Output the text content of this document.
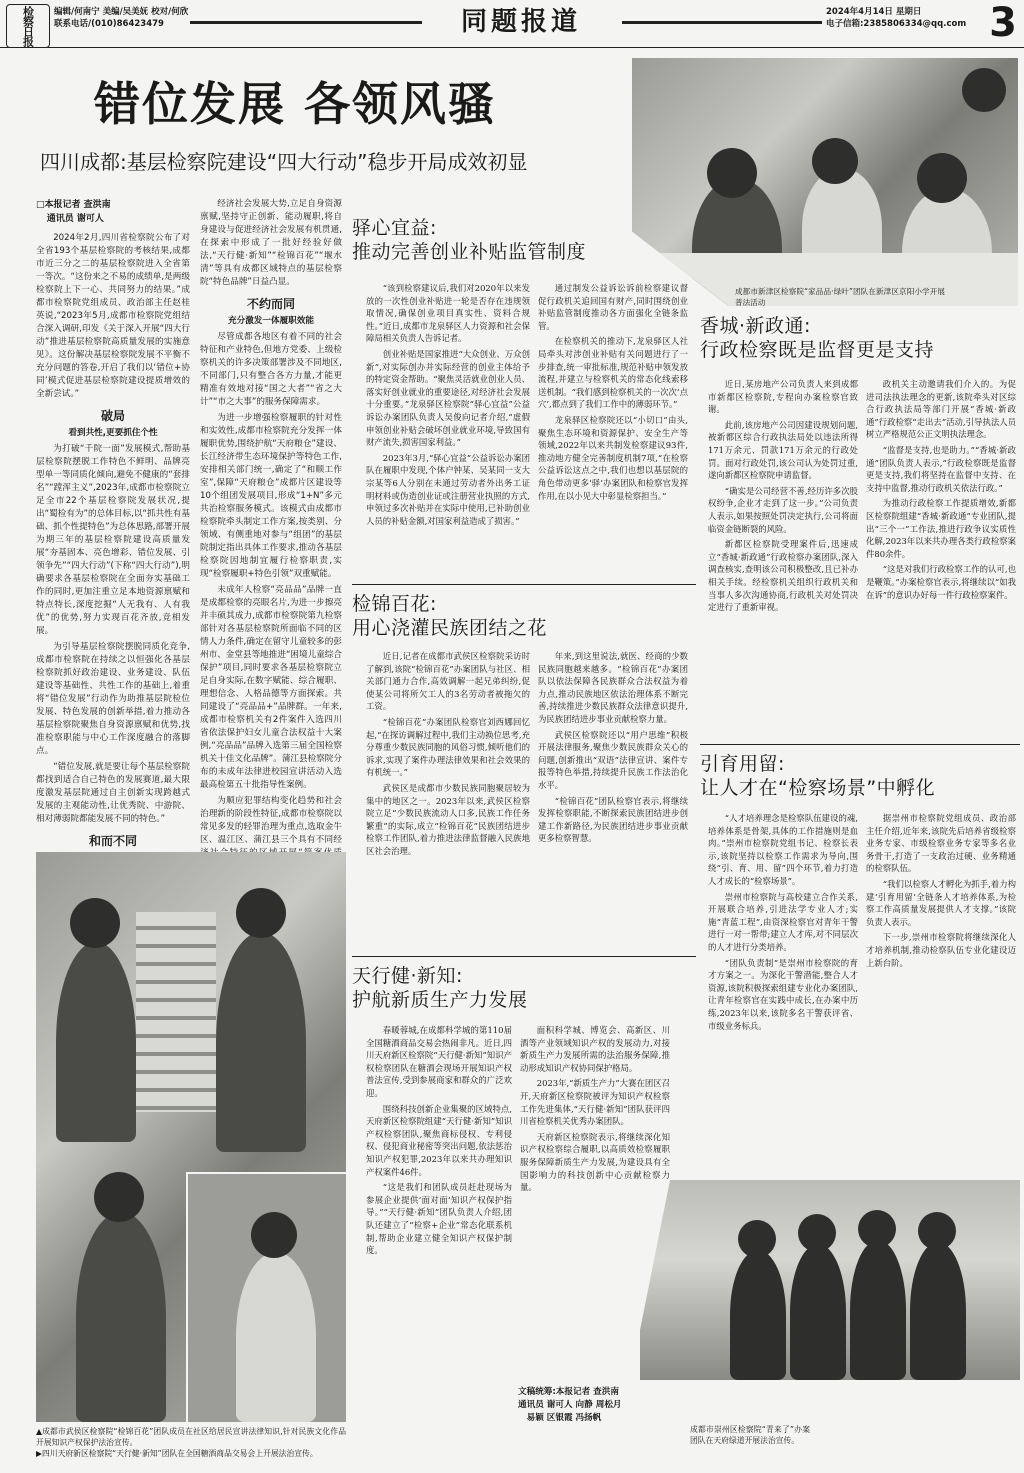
检察日报 编辑/何南宁 美编/吴美妩 校对/何欣
联系电话/(010)86423479	同题报道	2024年4月14日 星期日
电子信箱:2385806334@qq.com 3
错位发展 各领风骚
四川成都:基层检察院建设“四大行动”稳步开局成效初显
成都市新津区检察院“家品品·绿叶”团队在新津区京阳小学开展普法活动
□本报记者 查洪南
通讯员 谢可人

2024年2月,四川省检察院公布了对全省193个基层检察院的考核结果,成都市近三分之二的基层检察院进入全省第一等次。“这份来之不易的成绩单,是两级检察院上下一心、共同努力的结果。”成都市检察院党组成员、政治部主任赵桂英说,“2023年5月,成都市检察院党组结合深入调研,印发《关于深入开展“四大行动”推进基层检察院高质量发展的实施意见》。这份解决基层检察院发展不平衡不充分问题的答卷,开启了我们以‘错位+协同’模式促进基层检察院建设提质增效的全新尝试。”

破局
看到共性,更要抓住个性

为打破“千院一面”发展模式,帮助基层检察院摆脱工作特色不鲜明、品牌亮型单一等同质化倾向,避免不健康的“套排名”“蹚浑主义”,2023年,成都市检察院立足全市22个基层检察院发展状况,提出“蜀检有为”的总体目标,以“抓共性有基础、抓个性提特色”为总体思路,部署开展为期三年的基层检察院建设高质量发展“夯基固本、亮色增彩、错位发展、引领争先”“四大行动”(下称“四大行动”),明确要求各基层检察院在全面夯实基础工作的同时,更加注重立足本地资源禀赋和特点特长,深度挖掘“人无我有、人有我优”的优势,努力实现百花齐放,竞相发展。

为引导基层检察院摆脱同质化竞争,成都市检察院在持续之以恒强化各基层检察院抓好政治建设、业务建设、队伍建设等基础性、共性工作的基础上,着重将“错位发展”行动作为助推基层院检位发展、特色发展的创新举措,着力推动各基层检察院聚焦自身资源禀赋和优势,找准检察职能与中心工作深度融合的落脚点。

“错位发展,就是要让每个基层检察院都找到适合自己特色的发展赛道,最大限度激发基层院通过自主创新实现跨越式发展的主观能动性,让优秀院、中游院、相对薄弱院都能发展不同的特色。”

和而不同

经济社会发展大势,立足自身资源禀赋,坚持守正创新、能动履职,将自身建设与促进经济社会发展有机贯通,在探索中形成了一批好经验好做法,“天行健·新知”“检锦百花”“堰水清”等具有成都区域特点的基层检察院“特色品牌”日益凸显。

不约而同
充分激发一体履职效能

尽管成都各地区有着不同的社会特征和产业特色,但地方党委、上级检察机关的许多决策部署涉及不同地区,不同部门,只有整合各方力量,才能更精准有效地对接“国之大者”“省之大计”“市之大事”的服务保障需求。

为进一步增强检察履职的针对性和实效性,成都市检察院充分发挥一体履职优势,围绕护航“天府粮仓”建设、长江经济带生态环境保护等特色工作,安排相关部门统一,确定了“和顺工作室”,保障“天府粮仓”成都片区建设等10个组团发展项目,形成“1+N”多元共治检察服务模式。该模式由成都市检察院牵头制定工作方案,按类别、分领域、有侧重地对参与“组团”的基层院制定指出具体工作要求,推动各基层检察院因地制宜履行检察职责,实现“检察履职+特色引领”双重赋能。

未成年人检察“亮品品”品牌一直是成都检察的亮眼名片,为进一步擦亮并丰硕其成力,成都市检察院第九检察部针对各基层检察院所面临不同的区情人力条件,确定在留守儿童较多的彭州市、金堂县等地推进“困境儿童综合保护”项目,同时要求各基层检察院立足自身实际,在数字赋能、综合履职、理想信念、人格品德等方面探索。共同建设了“亮品品+”品牌群。一年来,成都市检察机关有2件案件入选四川省依法保护妇女儿童合法权益十大案例,“亮品品”品牌入选第三届全国检察机关十佳文化品牌”。蒲江县检察院分布的未成年法律进校园宣讲活动入选最高检第五十批指导性案例。

为顺应犯罪结构变化趋势和社会治理新的阶段性特征,成都市检察院以常见多发的轻罪治理为重点,选取金牛区、温江区、蒲江县三个具有不同经

▲成都市武侯区检察院“检锦百花”团队成员在社区给居民宣讲法律知识,针对民族文化作品开展知识产权保护法治宣传。
▶四川天府新区检察院“天行健·新知”团队在全国糖酒商品交易会上开展法治宣传。
驿心宜益:
推动完善创业补贴监管制度

“该到检察建议后,我们对2020年以来发放的一次性创业补贴进一轮是否存在违规领取情况,确保创业项目真实性、资料合规性。”近日,成都市龙泉驿区人力资源和社会保障局相关负责人告诉记者。

创业补贴是国家推进“大众创业、万众创新”,对实际创办并实际经营的创业主体给予的特定资金帮助。“聚焦灵活就业创业人员、落实好创业就业的重要途径,对经济社会发展十分重要。”龙泉驿区检察院“驿心宜益”公益诉讼办案团队负责人吴俊向记者介绍,“虚假申领创业补贴会破坏创业就业环境,导致国有财产流失,损害国家利益。”

2023年3月,“驿心宜益”公益诉讼办案团队在履职中发现,个体户钟某、吴某同一支大宗某等6人分别在未通过劳动者外出务工证明材料或伪造创业证或注册营业执照的方式,申领过多次补贴并在实际中使用,已补助创业人员的补贴金额,对国家利益造成了损害。”

通过制发公益诉讼诉前检察建议督促行政机关追回国有财产,同时围绕创业补贴监管制度推动各方面强化全链条监管。

在检察机关的推动下,龙泉驿区人社局牵头对涉创业补贴有关问题进行了一步排查,统一审批标准,规范补贴申领发放流程,并建立与检察机关的常态化线索移送机制。“我们感到检察机关的一次次‘点穴’,都点到了我们工作中的薄弱环节。”

龙泉驿区检察院还以“小切口”由头,聚焦生态环境和资源保护、安全生产等领域,2022年以来共制发检察建议93件,推动地方健全完善制度机制7项,“在检察公益诉讼这点之中,我们也想以基层院的角色带动更多‘驿’办案团队和检察官发挥作用,在以小见大中彰显检察担当。”

检锦百花:
用心浇灌民族团结之花

近日,记者在成都市武侯区检察院采访时了解到,该院“检锦百花”办案团队与社区、相关部门通力合作,高效调解一起兄弟纠纷,促使某公司将所欠工人的3名劳动者被拖欠的工资。

“检锦百花”办案团队检察官刘西娜回忆起,“在探访调解过程中,我们主动换位思考,充分尊重少数民族同胞的风俗习惯,倾听他们的诉求,实现了案件办理法律效果和社会效果的有机统一。”

武侯区是成都市少数民族同胞聚居较为集中的地区之一。2023年以来,武侯区检察院立足“少数民族流动人口多,民族工作任务繁重”的实际,成立“检锦百花”民族团结进步检察工作团队,着力推进法律监督融入民族地区社会治理。

年来,到这里说法,就医、经商的少数民族同胞越来越多。“检锦百花”办案团队以依法保障各民族群众合法权益为着力点,推动民族地区依法治理体系不断完善,持续推进少数民族群众法律意识提升,为民族团结进步事业贡献检察力量。

武侯区检察院还以“用户思维”积极开展法律服务,聚焦少数民族群众关心的问题,创新推出“双语”法律宣讲、案件专报等特色举措,持续提升民族工作法治化水平。

“检锦百花”团队检察官表示,将继续发挥检察职能,不断探索民族团结进步创建工作新路径,为民族团结进步事业贡献更多检察智慧。

天行健·新知:
护航新质生产力发展

春暖蓉城,在成都科学城的第110届全国糖酒商品交易会热闹非凡。近日,四川天府新区检察院“天行健·新知”知识产权检察团队在糖酒会现场开展知识产权普法宣传,受到参展商家和群众的广泛欢迎。

围绕科技创新企业集聚的区域特点,天府新区检察院组建“天行健·新知”知识产权检察团队,聚焦商标侵权、专利侵权、侵犯商业秘密等突出问题,依法惩治知识产权犯罪,2023年以来共办理知识产权案件46件。

“这是我们和团队成员赶赴现场为参展企业提供‘面对面’知识产权保护指导。”“天行健·新知”团队负责人介绍,团队还建立了“检察+企业”常态化联系机制,帮助企业建立健全知识产权保护制度。

面积科学城、博览会、高新区、川酒等产业领域知识产权的发展动力,对接新质生产力发展所需的法治服务保障,推动形成知识产权协同保护格局。

2023年,“新质生产力”大赛在团区召开,天府新区检察院被评为知识产权检察工作先进集体,“天行健·新知”团队获评四川省检察机关优秀办案团队。

天府新区检察院表示,将继续深化知识产权检察综合履职,以高质效检察履职服务保障新质生产力发展,为建设具有全国影响力的科技创新中心贡献检察力量。

文稿统筹:本报记者 查洪南
通讯员 谢可人 向静 周松月
易颖 区银霞 冯扬帆
成都市崇州区检察院“青来了”办案团队在天府绿道开展法治宣传。
香城·新政通:
行政检察既是监督更是支持

近日,某房地产公司负责人来到成都市新都区检察院,专程向办案检察官致谢。

此前,该房地产公司因建设规划问题,被新都区综合行政执法局处以违法所得171万余元、罚款171万余元的行政处罚。面对行政处罚,该公司认为处罚过重,遂向新都区检察院申请监督。

“确实是公司经营不善,经历许多次股权纷争,企业才走到了这一步。”公司负责人表示,如果按照处罚决定执行,公司将面临资金链断裂的风险。

新都区检察院受理案件后,迅速成立“香城·新政通”行政检察办案团队,深入调查核实,查明该公司积极整改,且已补办相关手续。经检察机关组织行政机关和当事人多次沟通协商,行政机关对处罚决定进行了重新审视。

政机关主动邀请我们介入的。为促进司法执法理念的更新,该院牵头对区综合行政执法局等部门开展“香城·新政通”行政检察“走出去”活动,引导执法人员树立严格规范公正文明执法理念。

“监督是支持,也是助力。”“香城·新政通”团队负责人表示,“行政检察既是监督更是支持,我们将坚持在监督中支持、在支持中监督,推动行政机关依法行政。”

为推动行政检察工作提质增效,新都区检察院组建“香城·新政通”专业团队,提出“三个一”工作法,推进行政争议实质性化解,2023年以来共办理各类行政检察案件80余件。

“这是对我们行政检察工作的认可,也是鞭策。”办案检察官表示,将继续以“如我在诉”的意识办好每一件行政检察案件。

引育用留:
让人才在“检察场景”中孵化

“人才培养理念是检察队伍建设的魂,培养体系是骨架,具体的工作措施则是血肉。”崇州市检察院党组书记、检察长表示,该院坚持以检察工作需求为导向,围绕“引、育、用、留”四个环节,着力打造人才成长的“检察场景”。

崇州市检察院与高校建立合作关系,开展联合培养,引进法学专业人才;实施“青蓝工程”,由资深检察官对青年干警进行一对一帮带;建立人才库,对不同层次的人才进行分类培养。

“团队负责制”是崇州市检察院的育才方案之一。为深化干警潜能,整合人才资源,该院积极探索组建专业化办案团队,让青年检察官在实践中成长,在办案中历练,2023年以来,该院多名干警获评省、市级业务标兵。

据崇州市检察院党组成员、政治部主任介绍,近年来,该院先后培养省级检察业务专家、市级检察业务专家等多名业务骨干,打造了一支政治过硬、业务精通的检察队伍。

“我们以检察人才孵化为抓手,着力构建‘引育用留’全链条人才培养体系,为检察工作高质量发展提供人才支撑。”该院负责人表示。

下一步,崇州市检察院将继续深化人才培养机制,推动检察队伍专业化建设迈上新台阶。
